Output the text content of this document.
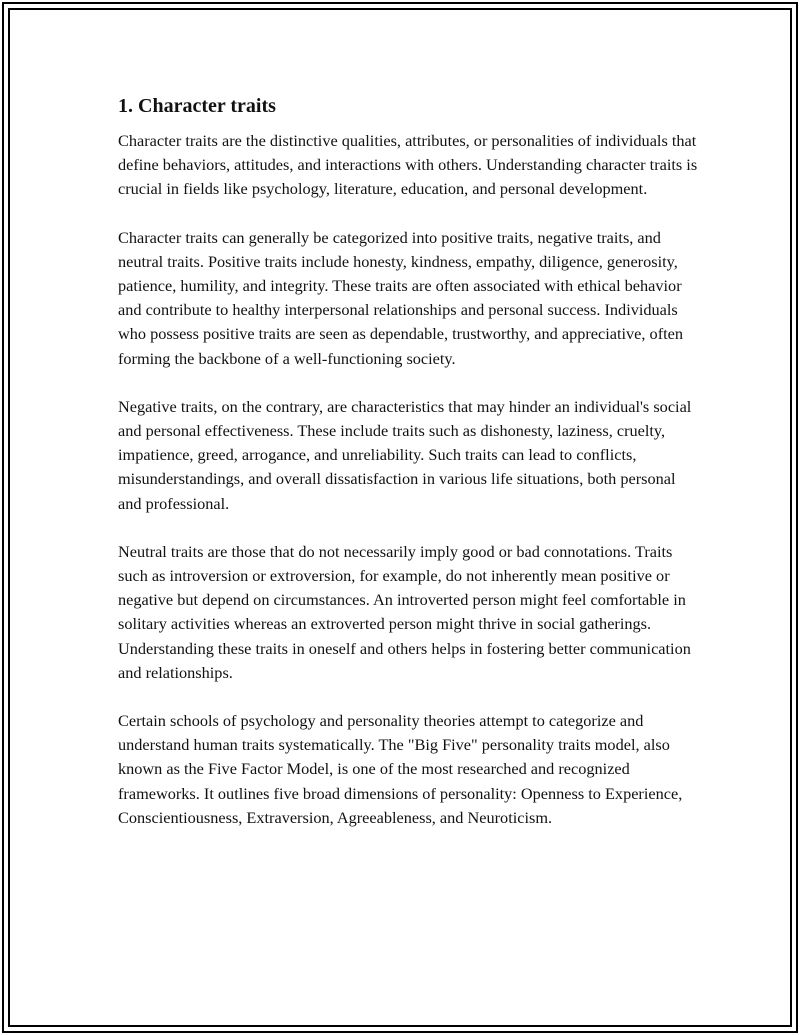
1. Character traits

Character traits are the distinctive qualities, attributes, or personalities of individuals that define behaviors, attitudes, and interactions with others. Understanding character traits is crucial in fields like psychology, literature, education, and personal development.

Character traits can generally be categorized into positive traits, negative traits, and neutral traits. Positive traits include honesty, kindness, empathy, diligence, generosity, patience, humility, and integrity. These traits are often associated with ethical behavior and contribute to healthy interpersonal relationships and personal success. Individuals who possess positive traits are seen as dependable, trustworthy, and appreciative, often forming the backbone of a well-functioning society.

Negative traits, on the contrary, are characteristics that may hinder an individual's social and personal effectiveness. These include traits such as dishonesty, laziness, cruelty, impatience, greed, arrogance, and unreliability. Such traits can lead to conflicts, misunderstandings, and overall dissatisfaction in various life situations, both personal and professional.

Neutral traits are those that do not necessarily imply good or bad connotations. Traits such as introversion or extroversion, for example, do not inherently mean positive or negative but depend on circumstances. An introverted person might feel comfortable in solitary activities whereas an extroverted person might thrive in social gatherings. Understanding these traits in oneself and others helps in fostering better communication and relationships.

Certain schools of psychology and personality theories attempt to categorize and understand human traits systematically. The "Big Five" personality traits model, also known as the Five Factor Model, is one of the most researched and recognized frameworks. It outlines five broad dimensions of personality: Openness to Experience, Conscientiousness, Extraversion, Agreeableness, and Neuroticism.
